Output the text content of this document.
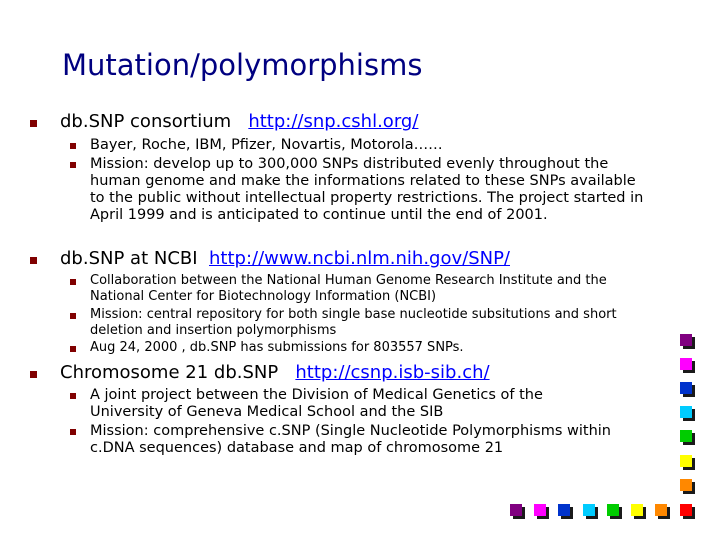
Mutation/polymorphisms
db.SNP consortium http://snp.cshl.org/
Bayer, Roche, IBM, Pfizer, Novartis, Motorola……
Mission: develop up to 300,000 SNPs distributed evenly throughout the human genome and make the informations related to these SNPs available to the public without intellectual property restrictions. The project started in April 1999 and is anticipated to continue until the end of 2001.
db.SNP at NCBI http://www.ncbi.nlm.nih.gov/SNP/
Collaboration between the National Human Genome Research Institute and the National Center for Biotechnology Information (NCBI)
Mission: central repository for both single base nucleotide subsitutions and short deletion and insertion polymorphisms
Aug 24, 2000 , db.SNP has submissions for 803557 SNPs.
Chromosome 21 db.SNP http://csnp.isb-sib.ch/
A joint project between the Division of Medical Genetics of the University of Geneva Medical School and the SIB
Mission: comprehensive c.SNP (Single Nucleotide Polymorphisms within c.DNA sequences) database and map of chromosome 21
